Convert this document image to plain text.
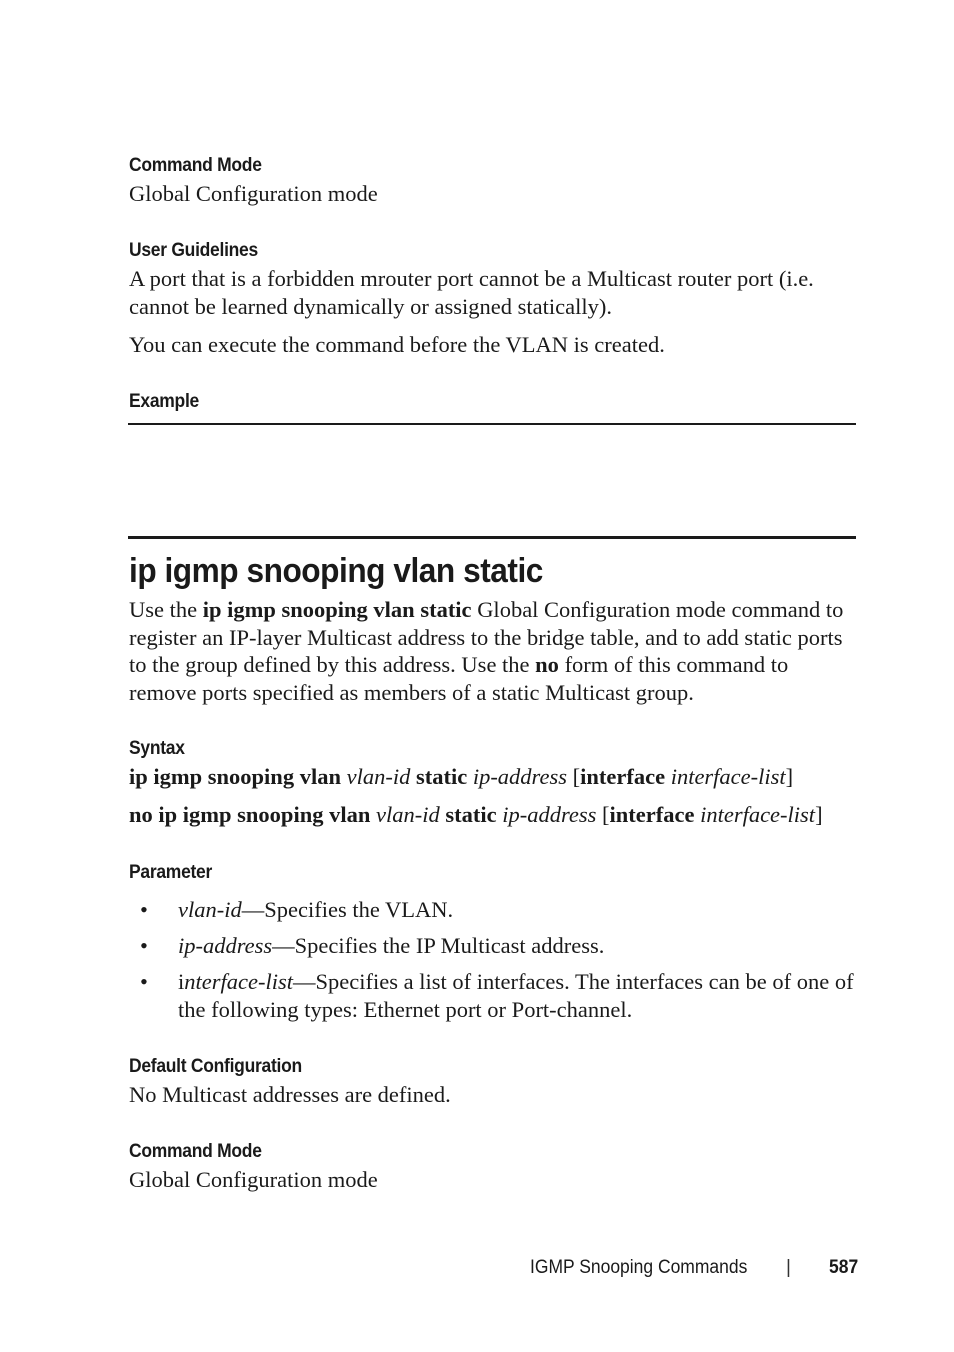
Command Mode

Global Configuration mode

User Guidelines

A port that is a forbidden mrouter port cannot be a Multicast router port (i.e. cannot be learned dynamically or assigned statically).

You can execute the command before the VLAN is created.

Example
ip igmp snooping vlan static

Use the ip igmp snooping vlan static Global Configuration mode command to register an IP-layer Multicast address to the bridge table, and to add static ports to the group defined by this address. Use the no form of this command to remove ports specified as members of a static Multicast group.

Syntax

ip igmp snooping vlan vlan-id static ip-address [interface interface-list]

no ip igmp snooping vlan vlan-id static ip-address [interface interface-list]

Parameter
• vlan-id—Specifies the VLAN.

• ip-address—Specifies the IP Multicast address.

• interface-list—Specifies a list of interfaces. The interfaces can be of one of the following types: Ethernet port or Port-channel.

Default Configuration

No Multicast addresses are defined.

Command Mode

Global Configuration mode

IGMP Snooping Commands | 587
